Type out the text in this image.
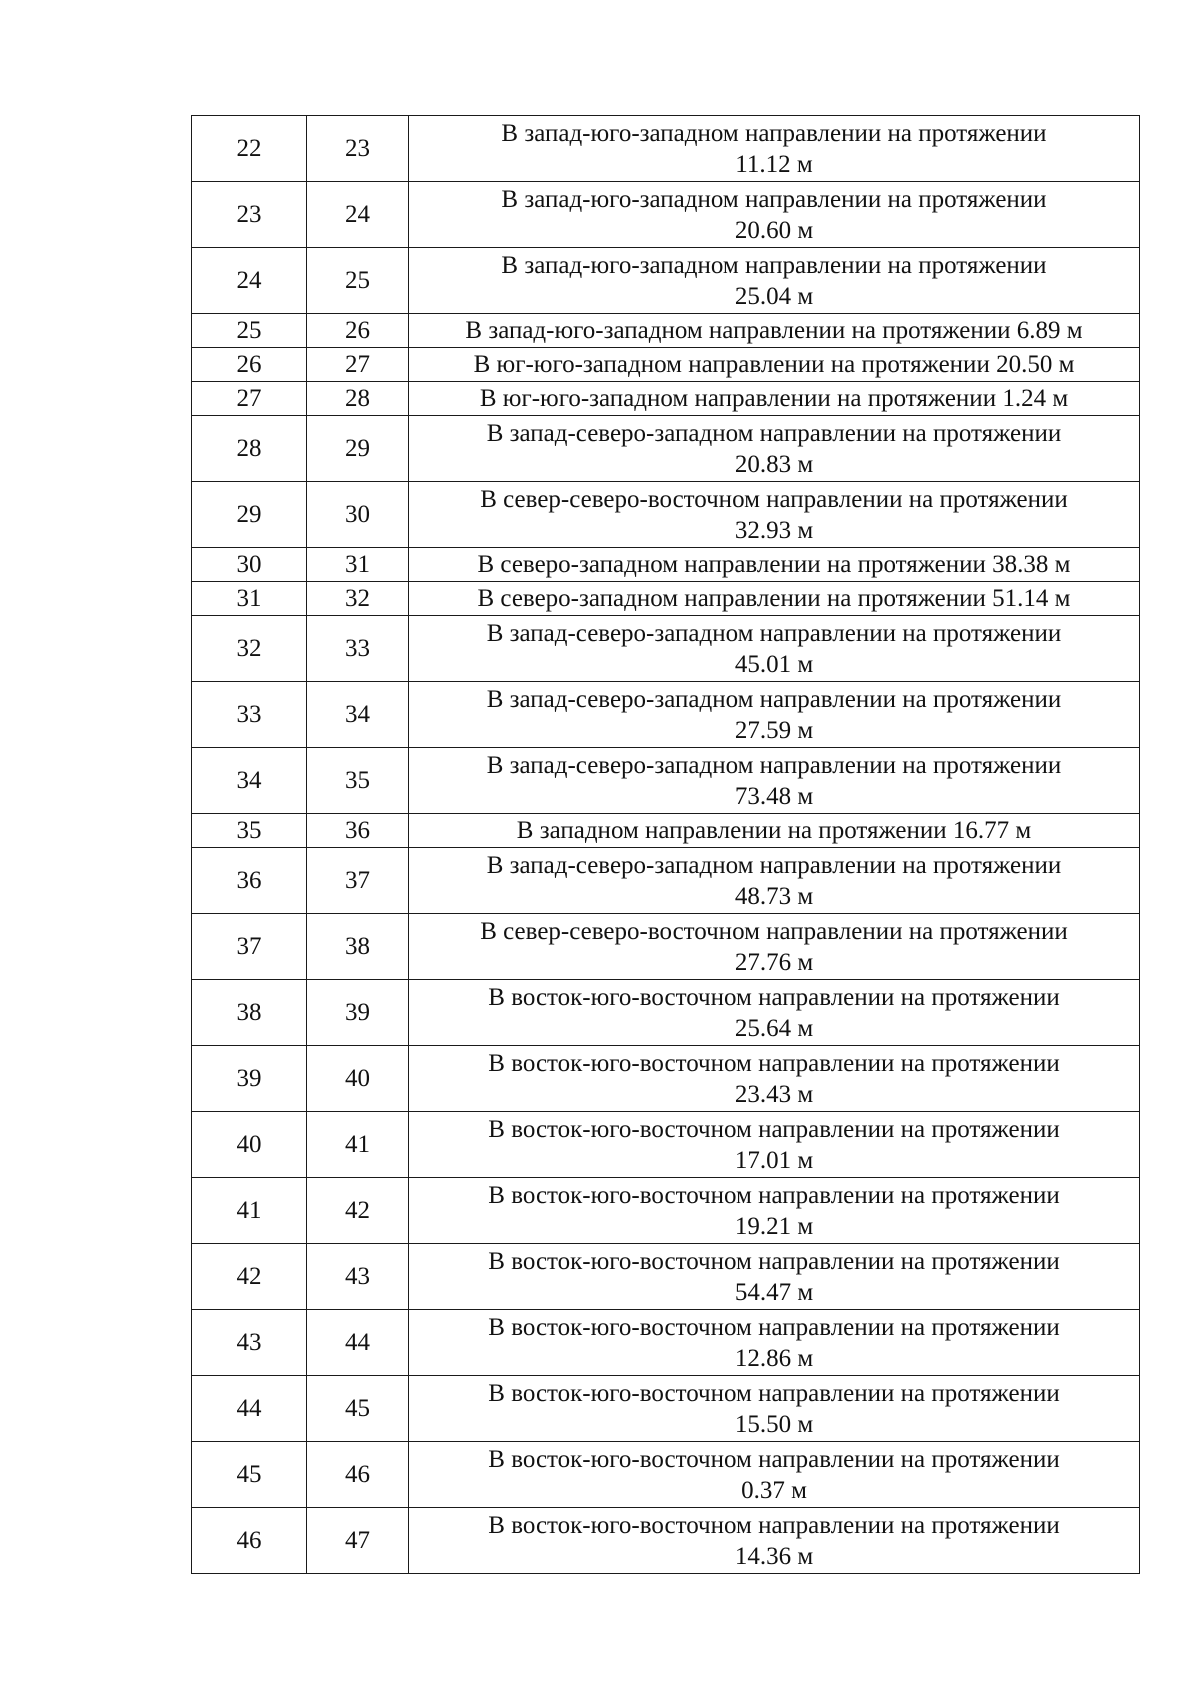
22	23	В запад-юго-западном направлении на протяжении
11.12 м

23	24	В запад-юго-западном направлении на протяжении
20.60 м

24	25	В запад-юго-западном направлении на протяжении
25.04 м

25	26	В запад-юго-западном направлении на протяжении 6.89 м

26	27	В юг-юго-западном направлении на протяжении 20.50 м

27	28	В юг-юго-западном направлении на протяжении 1.24 м

28	29	В запад-северо-западном направлении на протяжении
20.83 м

29	30	В север-северо-восточном направлении на протяжении
32.93 м

30	31	В северо-западном направлении на протяжении 38.38 м

31	32	В северо-западном направлении на протяжении 51.14 м

32	33	В запад-северо-западном направлении на протяжении
45.01 м

33	34	В запад-северо-западном направлении на протяжении
27.59 м

34	35	В запад-северо-западном направлении на протяжении
73.48 м

35	36	В западном направлении на протяжении 16.77 м

36	37	В запад-северо-западном направлении на протяжении
48.73 м

37	38	В север-северо-восточном направлении на протяжении
27.76 м

38	39	В восток-юго-восточном направлении на протяжении
25.64 м

39	40	В восток-юго-восточном направлении на протяжении
23.43 м

40	41	В восток-юго-восточном направлении на протяжении
17.01 м

41	42	В восток-юго-восточном направлении на протяжении
19.21 м

42	43	В восток-юго-восточном направлении на протяжении
54.47 м

43	44	В восток-юго-восточном направлении на протяжении
12.86 м

44	45	В восток-юго-восточном направлении на протяжении
15.50 м

45	46	В восток-юго-восточном направлении на протяжении
0.37 м

46	47	В восток-юго-восточном направлении на протяжении
14.36 м
